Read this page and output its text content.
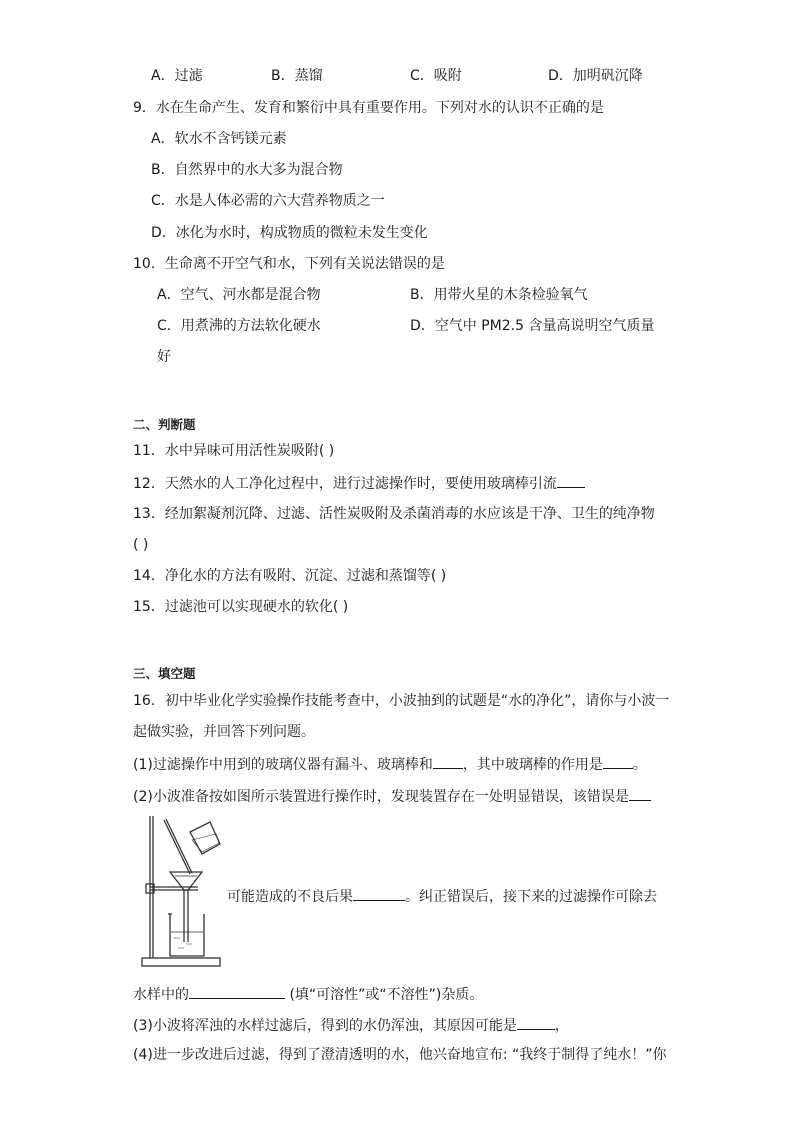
A．过滤	B．蒸馏	C．吸附	D．加明矾沉降
9．水在生命产生、发育和繁衍中具有重要作用。下列对水的认识不正确的是
A．软水不含钙镁元素
B．自然界中的水大多为混合物
C．水是人体必需的六大营养物质之一
D．冰化为水时，构成物质的微粒未发生变化
10．生命离不开空气和水，下列有关说法错误的是
A．空气、河水都是混合物	B．用带火星的木条检验氧气
C．用煮沸的方法软化硬水	D．空气中 PM2.5 含量高说明空气质量
好
二、判断题
11．水中异味可用活性炭吸附( )
12．天然水的人工净化过程中，进行过滤操作时，要使用玻璃棒引流
13．经加絮凝剂沉降、过滤、活性炭吸附及杀菌消毒的水应该是干净、卫生的纯净物
( )
14．净化水的方法有吸附、沉淀、过滤和蒸馏等( )
15．过滤池可以实现硬水的软化( )
三、填空题
16．初中毕业化学实验操作技能考查中，小波抽到的试题是“水的净化”，请你与小波一
起做实验，并回答下列问题。
(1)过滤操作中用到的玻璃仪器有漏斗、玻璃棒和 ，其中玻璃棒的作用是 。
(2)小波准备按如图所示装置进行操作时，发现装置存在一处明显错误，该错误是
可能造成的不良后果	。纠正错误后，接下来的过滤操作可除去
水样中的	(填“可溶性”或“不溶性”)杂质。
(3)小波将浑浊的水样过滤后，得到的水仍浑浊，其原因可能是	，
(4)进一步改进后过滤，得到了澄清透明的水，他兴奋地宣布: “我终于制得了纯水！”你
